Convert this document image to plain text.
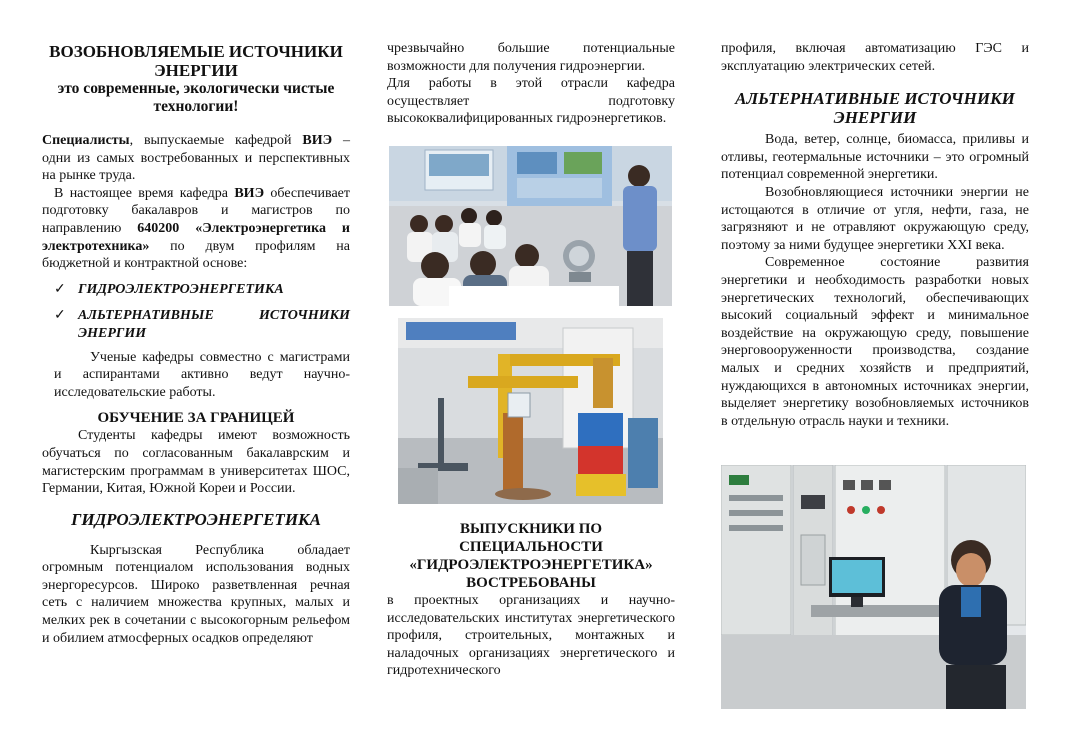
ВОЗОБНОВЛЯЕМЫЕ ИСТОЧНИКИ
ЭНЕРГИИ
это современные, экологически чистые
технологии!

Специалисты, выпускаемые кафедрой ВИЭ – одни из самых востребованных и перспективных на рынке труда.

В настоящее время кафедра ВИЭ обеспечивает подготовку бакалавров и магистров по направлению 640200 «Электроэнергетика и электротехника» по двум профилям на бюджетной и контрактной основе:

✓ ГИДРОЭЛЕКТРОЭНЕРГЕТИКА
✓ АЛЬТЕРНАТИВНЫЕ ИСТОЧНИКИ ЭНЕРГИИ

Ученые кафедры совместно с магистрами и аспирантами активно ведут научно-исследовательские работы.

ОБУЧЕНИЕ ЗА ГРАНИЦЕЙ

Студенты кафедры имеют возможность обучаться по согласованным бакалаврским и магистерским программам в университетах ШОС, Германии, Китая, Южной Кореи и России.

ГИДРОЭЛЕКТРОЭНЕРГЕТИКА

Кыргызская Республика обладает огромным потенциалом использования водных энергоресурсов. Широко разветвленная речная сеть с наличием множества крупных, малых и мелких рек в сочетании с высокогорным рельефом и обилием атмосферных осадков определяют

чрезвычайно большие потенциальные возможности для получения гидроэнергии.

Для работы в этой отрасли кафедра осуществляет подготовку высококвалифицированных гидроэнергетиков.

ВЫПУСКНИКИ ПО
СПЕЦИАЛЬНОСТИ
«ГИДРОЭЛЕКТРОЭНЕРГЕТИКА»
ВОСТРЕБОВАНЫ

в проектных организациях и научно-исследовательских институтах энергетического профиля, строительных, монтажных и наладочных организациях энергетического и гидротехнического

профиля, включая автоматизацию ГЭС и эксплуатацию электрических сетей.

АЛЬТЕРНАТИВНЫЕ ИСТОЧНИКИ
ЭНЕРГИИ

Вода, ветер, солнце, биомасса, приливы и отливы, геотермальные источники – это огромный потенциал современной энергетики.

Возобновляющиеся источники энергии не истощаются в отличие от угля, нефти, газа, не загрязняют и не отравляют окружающую среду, поэтому за ними будущее энергетики XXI века.

Современное состояние развития энергетики и необходимость разработки новых энергетических технологий, обеспечивающих высокий социальный эффект и минимальное воздействие на окружающую среду, повышение энерговооруженности производства, создание малых и средних хозяйств и предприятий, нуждающихся в автономных источниках энергии, выделяет энергетику возобновляемых источников в отдельную отрасль науки и техники.
